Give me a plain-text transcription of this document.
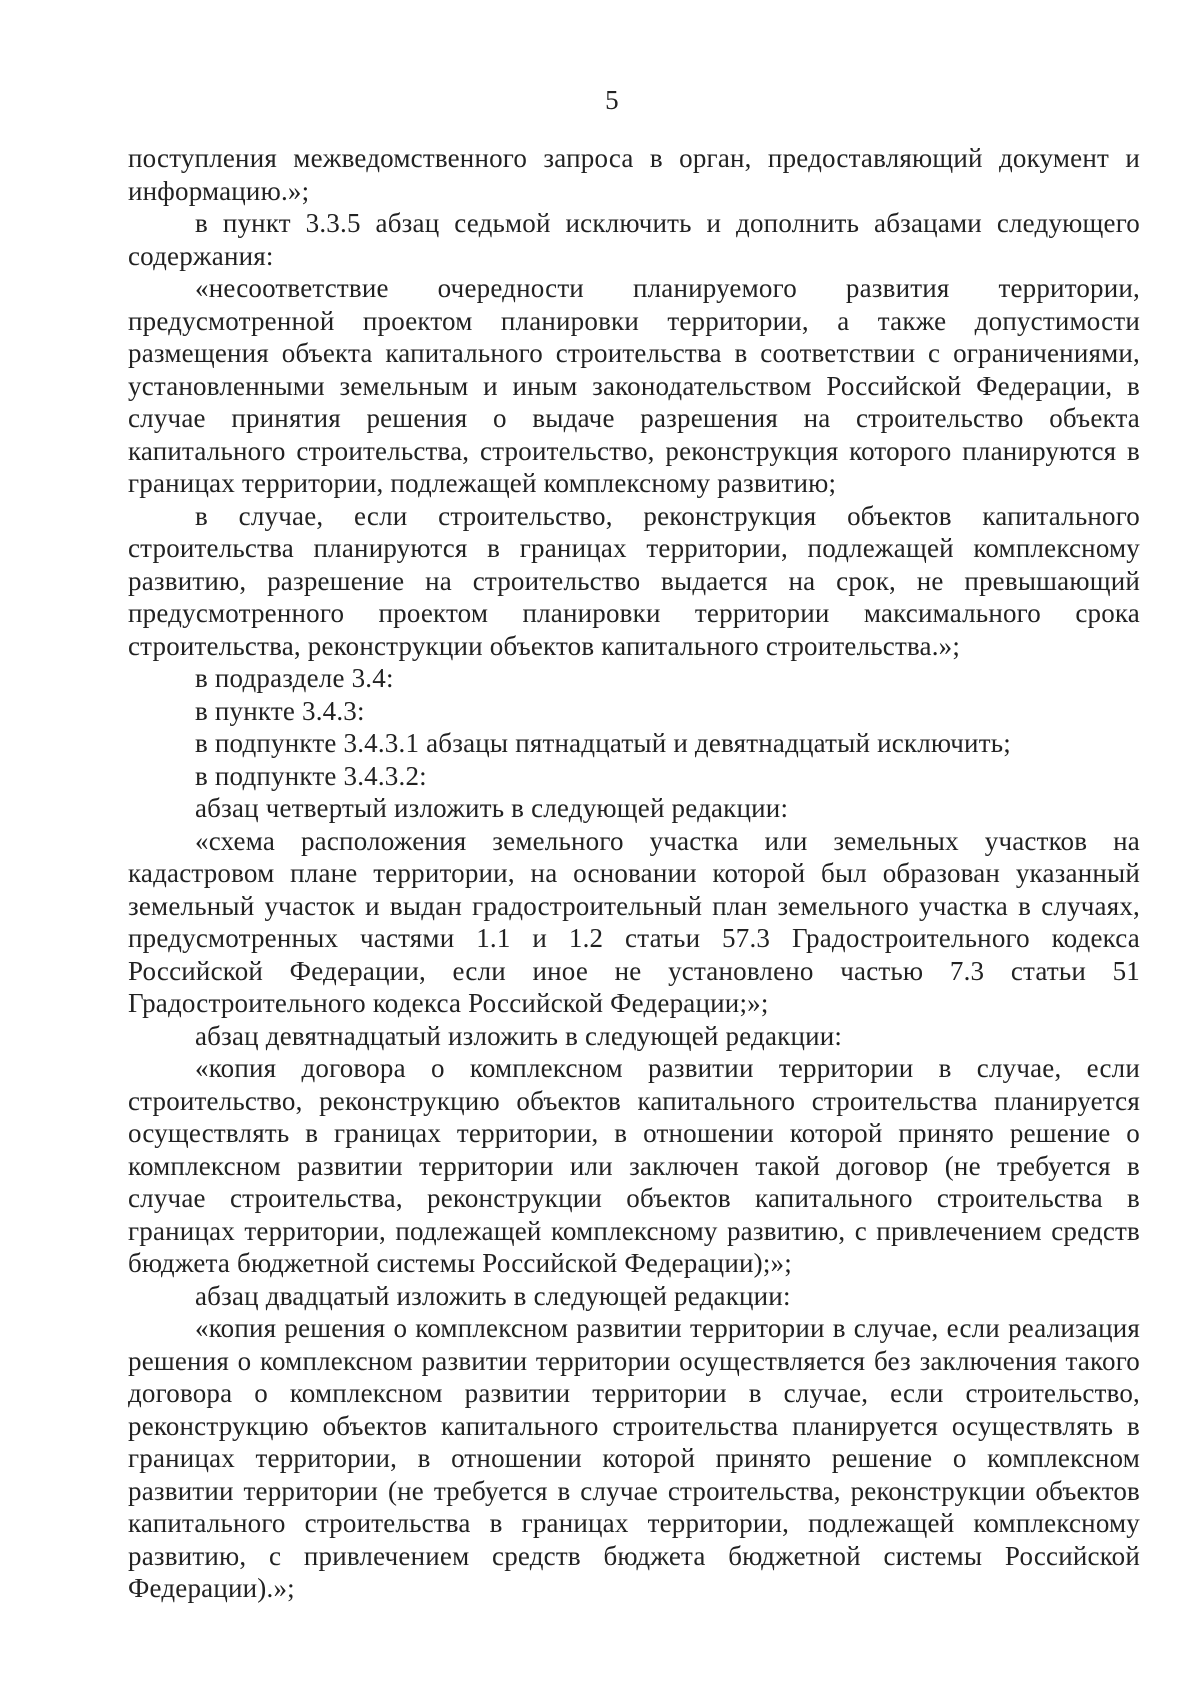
5

поступления межведомственного запроса в орган, предоставляющий документ и информацию.»;

в пункт 3.3.5 абзац седьмой исключить и дополнить абзацами следующего содержания:

«несоответствие очередности планируемого развития территории, предусмотренной проектом планировки территории, а также допустимости размещения объекта капитального строительства в соответствии с ограничениями, установленными земельным и иным законодательством Российской Федерации, в случае принятия решения о выдаче разрешения на строительство объекта капитального строительства, строительство, реконструкция которого планируются в границах территории, подлежащей комплексному развитию;

в случае, если строительство, реконструкция объектов капитального строительства планируются в границах территории, подлежащей комплексному развитию, разрешение на строительство выдается на срок, не превышающий предусмотренного проектом планировки территории максимального срока строительства, реконструкции объектов капитального строительства.»;

в подразделе 3.4:

в пункте 3.4.3:

в подпункте 3.4.3.1 абзацы пятнадцатый и девятнадцатый исключить;

в подпункте 3.4.3.2:

абзац четвертый изложить в следующей редакции:

«схема расположения земельного участка или земельных участков на кадастровом плане территории, на основании которой был образован указанный земельный участок и выдан градостроительный план земельного участка в случаях, предусмотренных частями 1.1 и 1.2 статьи 57.3 Градостроительного кодекса Российской Федерации, если иное не установлено частью 7.3 статьи 51 Градостроительного кодекса Российской Федерации;»;

абзац девятнадцатый изложить в следующей редакции:

«копия договора о комплексном развитии территории в случае, если строительство, реконструкцию объектов капитального строительства планируется осуществлять в границах территории, в отношении которой принято решение о комплексном развитии территории или заключен такой договор (не требуется в случае строительства, реконструкции объектов капитального строительства в границах территории, подлежащей комплексному развитию, с привлечением средств бюджета бюджетной системы Российской Федерации);»;

абзац двадцатый изложить в следующей редакции:

«копия решения о комплексном развитии территории в случае, если реализация решения о комплексном развитии территории осуществляется без заключения такого договора о комплексном развитии территории в случае, если строительство, реконструкцию объектов капитального строительства планируется осуществлять в границах территории, в отношении которой принято решение о комплексном развитии территории (не требуется в случае строительства, реконструкции объектов капитального строительства в границах территории, подлежащей комплексному развитию, с привлечением средств бюджета бюджетной системы Российской Федерации).»;
